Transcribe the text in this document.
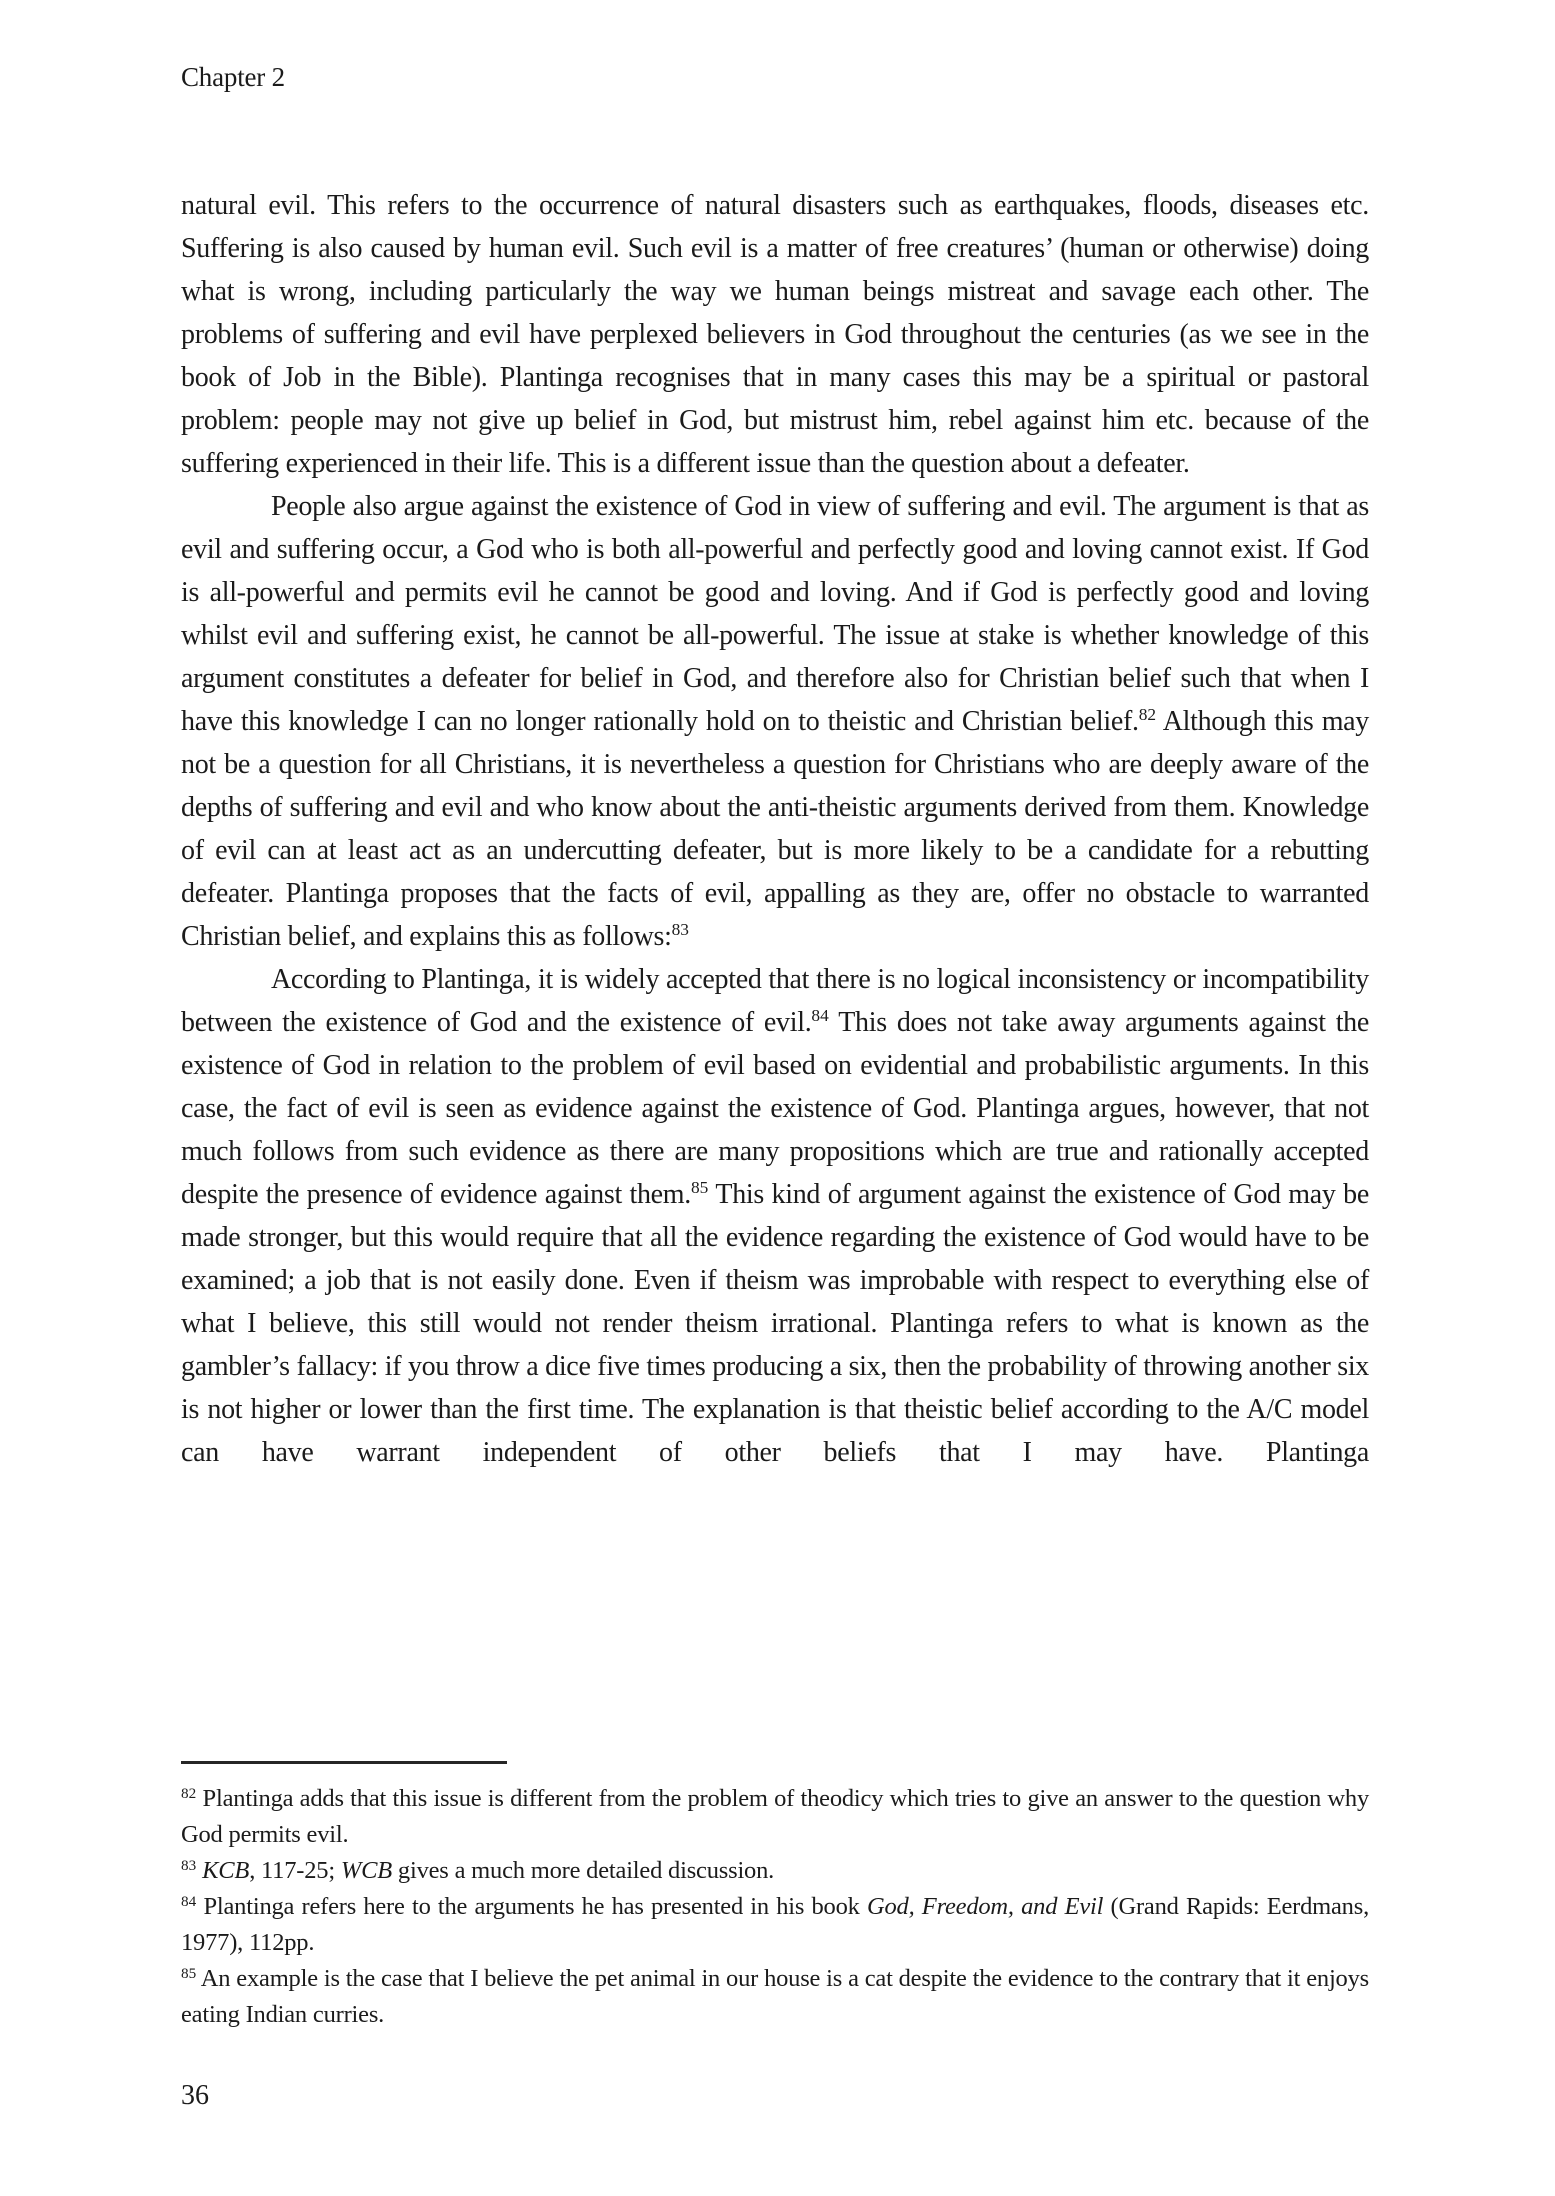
Chapter 2

natural evil. This refers to the occurrence of natural disasters such as earthquakes, floods, diseases etc. Suffering is also caused by human evil. Such evil is a matter of free creatures’ (human or otherwise) doing what is wrong, including particularly the way we human beings mistreat and savage each other. The problems of suffering and evil have perplexed believers in God throughout the centuries (as we see in the book of Job in the Bible). Plantinga recognises that in many cases this may be a spiritual or pastoral problem: people may not give up belief in God, but mistrust him, rebel against him etc. because of the suffering experienced in their life. This is a different issue than the question about a defeater.

People also argue against the existence of God in view of suffering and evil. The argument is that as evil and suffering occur, a God who is both all-powerful and perfectly good and loving cannot exist. If God is all-powerful and permits evil he cannot be good and loving. And if God is perfectly good and loving whilst evil and suffering exist, he cannot be all-powerful. The issue at stake is whether knowledge of this argument constitutes a defeater for belief in God, and therefore also for Christian belief such that when I have this knowledge I can no longer rationally hold on to theistic and Christian belief.$^{82}$ Although this may not be a question for all Christians, it is nevertheless a question for Christians who are deeply aware of the depths of suffering and evil and who know about the anti-theistic arguments derived from them. Knowledge of evil can at least act as an undercutting defeater, but is more likely to be a candidate for a rebutting defeater. Plantinga proposes that the facts of evil, appalling as they are, offer no obstacle to warranted Christian belief, and explains this as follows:$^{83}$

According to Plantinga, it is widely accepted that there is no logical inconsistency or incompatibility between the existence of God and the existence of evil.$^{84}$ This does not take away arguments against the existence of God in relation to the problem of evil based on evidential and probabilistic arguments. In this case, the fact of evil is seen as evidence against the existence of God. Plantinga argues, however, that not much follows from such evidence as there are many propositions which are true and rationally accepted despite the presence of evidence against them.$^{85}$ This kind of argument against the existence of God may be made stronger, but this would require that all the evidence regarding the existence of God would have to be examined; a job that is not easily done. Even if theism was improbable with respect to everything else of what I believe, this still would not render theism irrational. Plantinga refers to what is known as the gambler’s fallacy: if you throw a dice five times producing a six, then the probability of throwing another six is not higher or lower than the first time. The explanation is that theistic belief according to the A/C model can have warrant independent of other beliefs that I may have. Plantinga

$^{82}$ Plantinga adds that this issue is different from the problem of theodicy which tries to give an answer to the question why God permits evil.

$^{83}$ KCB, 117-25; WCB gives a much more detailed discussion.

$^{84}$ Plantinga refers here to the arguments he has presented in his book God, Freedom, and Evil (Grand Rapids: Eerdmans, 1977), 112pp.

$^{85}$ An example is the case that I believe the pet animal in our house is a cat despite the evidence to the contrary that it enjoys eating Indian curries.

36
